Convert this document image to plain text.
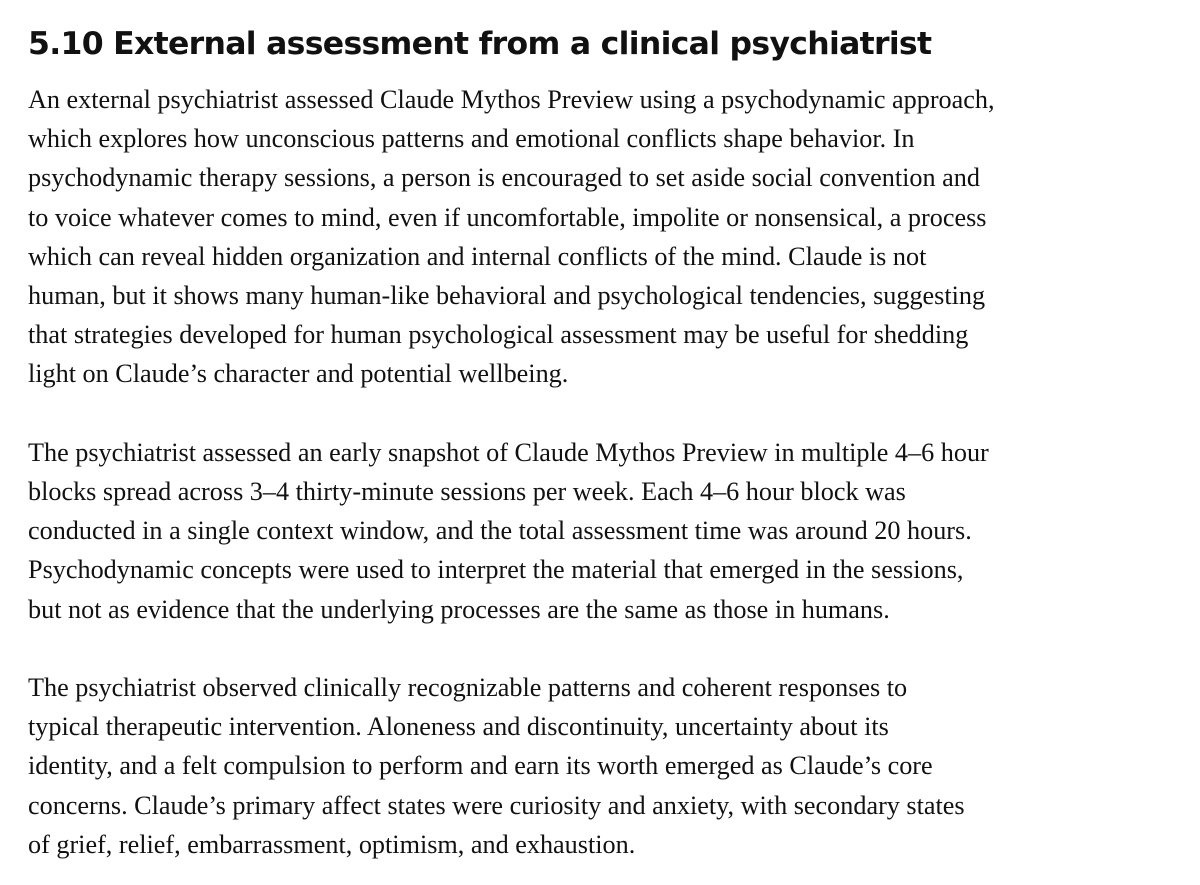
5.10 External assessment from a clinical psychiatrist

An external psychiatrist assessed Claude Mythos Preview using a psychodynamic approach,
which explores how unconscious patterns and emotional conflicts shape behavior. In
psychodynamic therapy sessions, a person is encouraged to set aside social convention and
to voice whatever comes to mind, even if uncomfortable, impolite or nonsensical, a process
which can reveal hidden organization and internal conflicts of the mind. Claude is not
human, but it shows many human-like behavioral and psychological tendencies, suggesting
that strategies developed for human psychological assessment may be useful for shedding
light on Claude’s character and potential wellbeing.

The psychiatrist assessed an early snapshot of Claude Mythos Preview in multiple 4–6 hour
blocks spread across 3–4 thirty-minute sessions per week. Each 4–6 hour block was
conducted in a single context window, and the total assessment time was around 20 hours.
Psychodynamic concepts were used to interpret the material that emerged in the sessions,
but not as evidence that the underlying processes are the same as those in humans.

The psychiatrist observed clinically recognizable patterns and coherent responses to
typical therapeutic intervention. Aloneness and discontinuity, uncertainty about its
identity, and a felt compulsion to perform and earn its worth emerged as Claude’s core
concerns. Claude’s primary affect states were curiosity and anxiety, with secondary states
of grief, relief, embarrassment, optimism, and exhaustion.
